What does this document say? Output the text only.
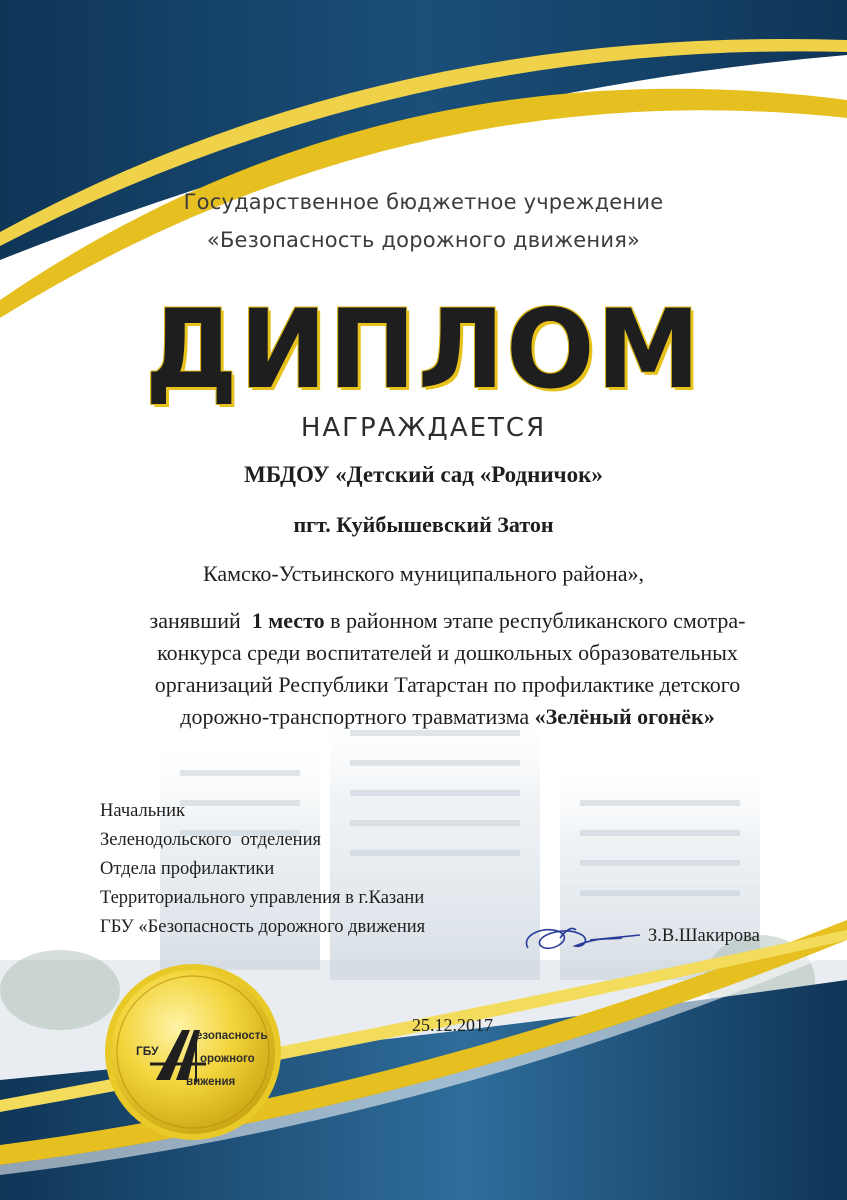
Государственное бюджетное учреждение

«Безопасность дорожного движения»

ДИПЛОМ

НАГРАЖДАЕТСЯ

МБДОУ «Детский сад «Родничок»

пгт. Куйбышевский Затон

Камско-Устьинского муниципального района»,

занявший 1 место в районном этапе республиканского смотра-
конкурса среди воспитателей и дошкольных образовательных
организаций Республики Татарстан по профилактике детского
дорожно-транспортного травматизма «Зелёный огонёк»
Начальник
Зеленодольского  отделения
Отдела профилактики
Территориального управления в г.Казани
ГБУ «Безопасность дорожного движения	З.В.Шакирова

25.12.2017

ГБУ
езопасность
орожного
вижения
